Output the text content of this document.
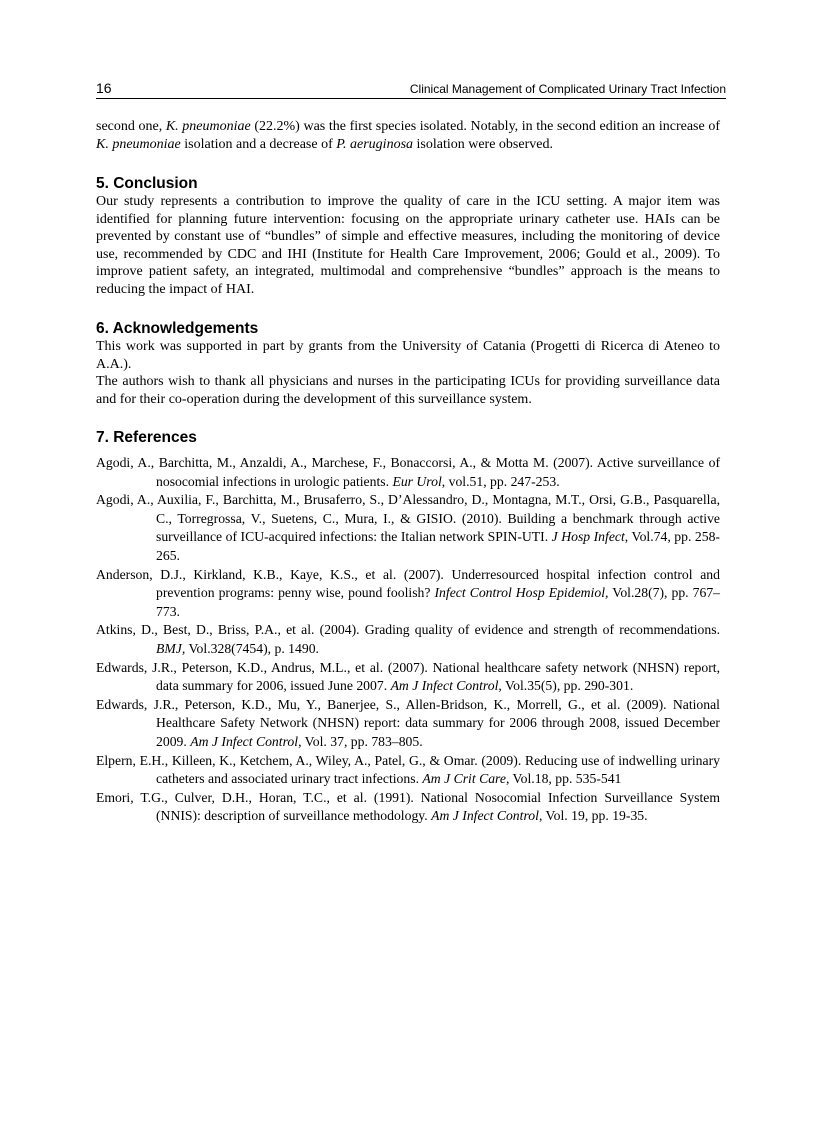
16	Clinical Management of Complicated Urinary Tract Infection

second one, K. pneumoniae (22.2%) was the first species isolated. Notably, in the second edition an increase of K. pneumoniae isolation and a decrease of P. aeruginosa isolation were observed.

5. Conclusion

Our study represents a contribution to improve the quality of care in the ICU setting. A major item was identified for planning future intervention: focusing on the appropriate urinary catheter use. HAIs can be prevented by constant use of “bundles” of simple and effective measures, including the monitoring of device use, recommended by CDC and IHI (Institute for Health Care Improvement, 2006; Gould et al., 2009). To improve patient safety, an integrated, multimodal and comprehensive “bundles” approach is the means to reducing the impact of HAI.

6. Acknowledgements

This work was supported in part by grants from the University of Catania (Progetti di Ricerca di Ateneo to A.A.).

The authors wish to thank all physicians and nurses in the participating ICUs for providing surveillance data and for their co-operation during the development of this surveillance system.

7. References

Agodi, A., Barchitta, M., Anzaldi, A., Marchese, F., Bonaccorsi, A., & Motta M. (2007). Active surveillance of nosocomial infections in urologic patients. Eur Urol, vol.51, pp. 247-253.

Agodi, A., Auxilia, F., Barchitta, M., Brusaferro, S., D’Alessandro, D., Montagna, M.T., Orsi, G.B., Pasquarella, C., Torregrossa, V., Suetens, C., Mura, I., & GISIO. (2010). Building a benchmark through active surveillance of ICU-acquired infections: the Italian network SPIN-UTI. J Hosp Infect, Vol.74, pp. 258-265.

Anderson, D.J., Kirkland, K.B., Kaye, K.S., et al. (2007). Underresourced hospital infection control and prevention programs: penny wise, pound foolish? Infect Control Hosp Epidemiol, Vol.28(7), pp. 767–773.

Atkins, D., Best, D., Briss, P.A., et al. (2004). Grading quality of evidence and strength of recommendations. BMJ, Vol.328(7454), p. 1490.

Edwards, J.R., Peterson, K.D., Andrus, M.L., et al. (2007). National healthcare safety network (NHSN) report, data summary for 2006, issued June 2007. Am J Infect Control, Vol.35(5), pp. 290-301.

Edwards, J.R., Peterson, K.D., Mu, Y., Banerjee, S., Allen-Bridson, K., Morrell, G., et al. (2009). National Healthcare Safety Network (NHSN) report: data summary for 2006 through 2008, issued December 2009. Am J Infect Control, Vol. 37, pp. 783–805.

Elpern, E.H., Killeen, K., Ketchem, A., Wiley, A., Patel, G., & Omar. (2009). Reducing use of indwelling urinary catheters and associated urinary tract infections. Am J Crit Care, Vol.18, pp. 535-541

Emori, T.G., Culver, D.H., Horan, T.C., et al. (1991). National Nosocomial Infection Surveillance System (NNIS): description of surveillance methodology. Am J Infect Control, Vol. 19, pp. 19-35.
